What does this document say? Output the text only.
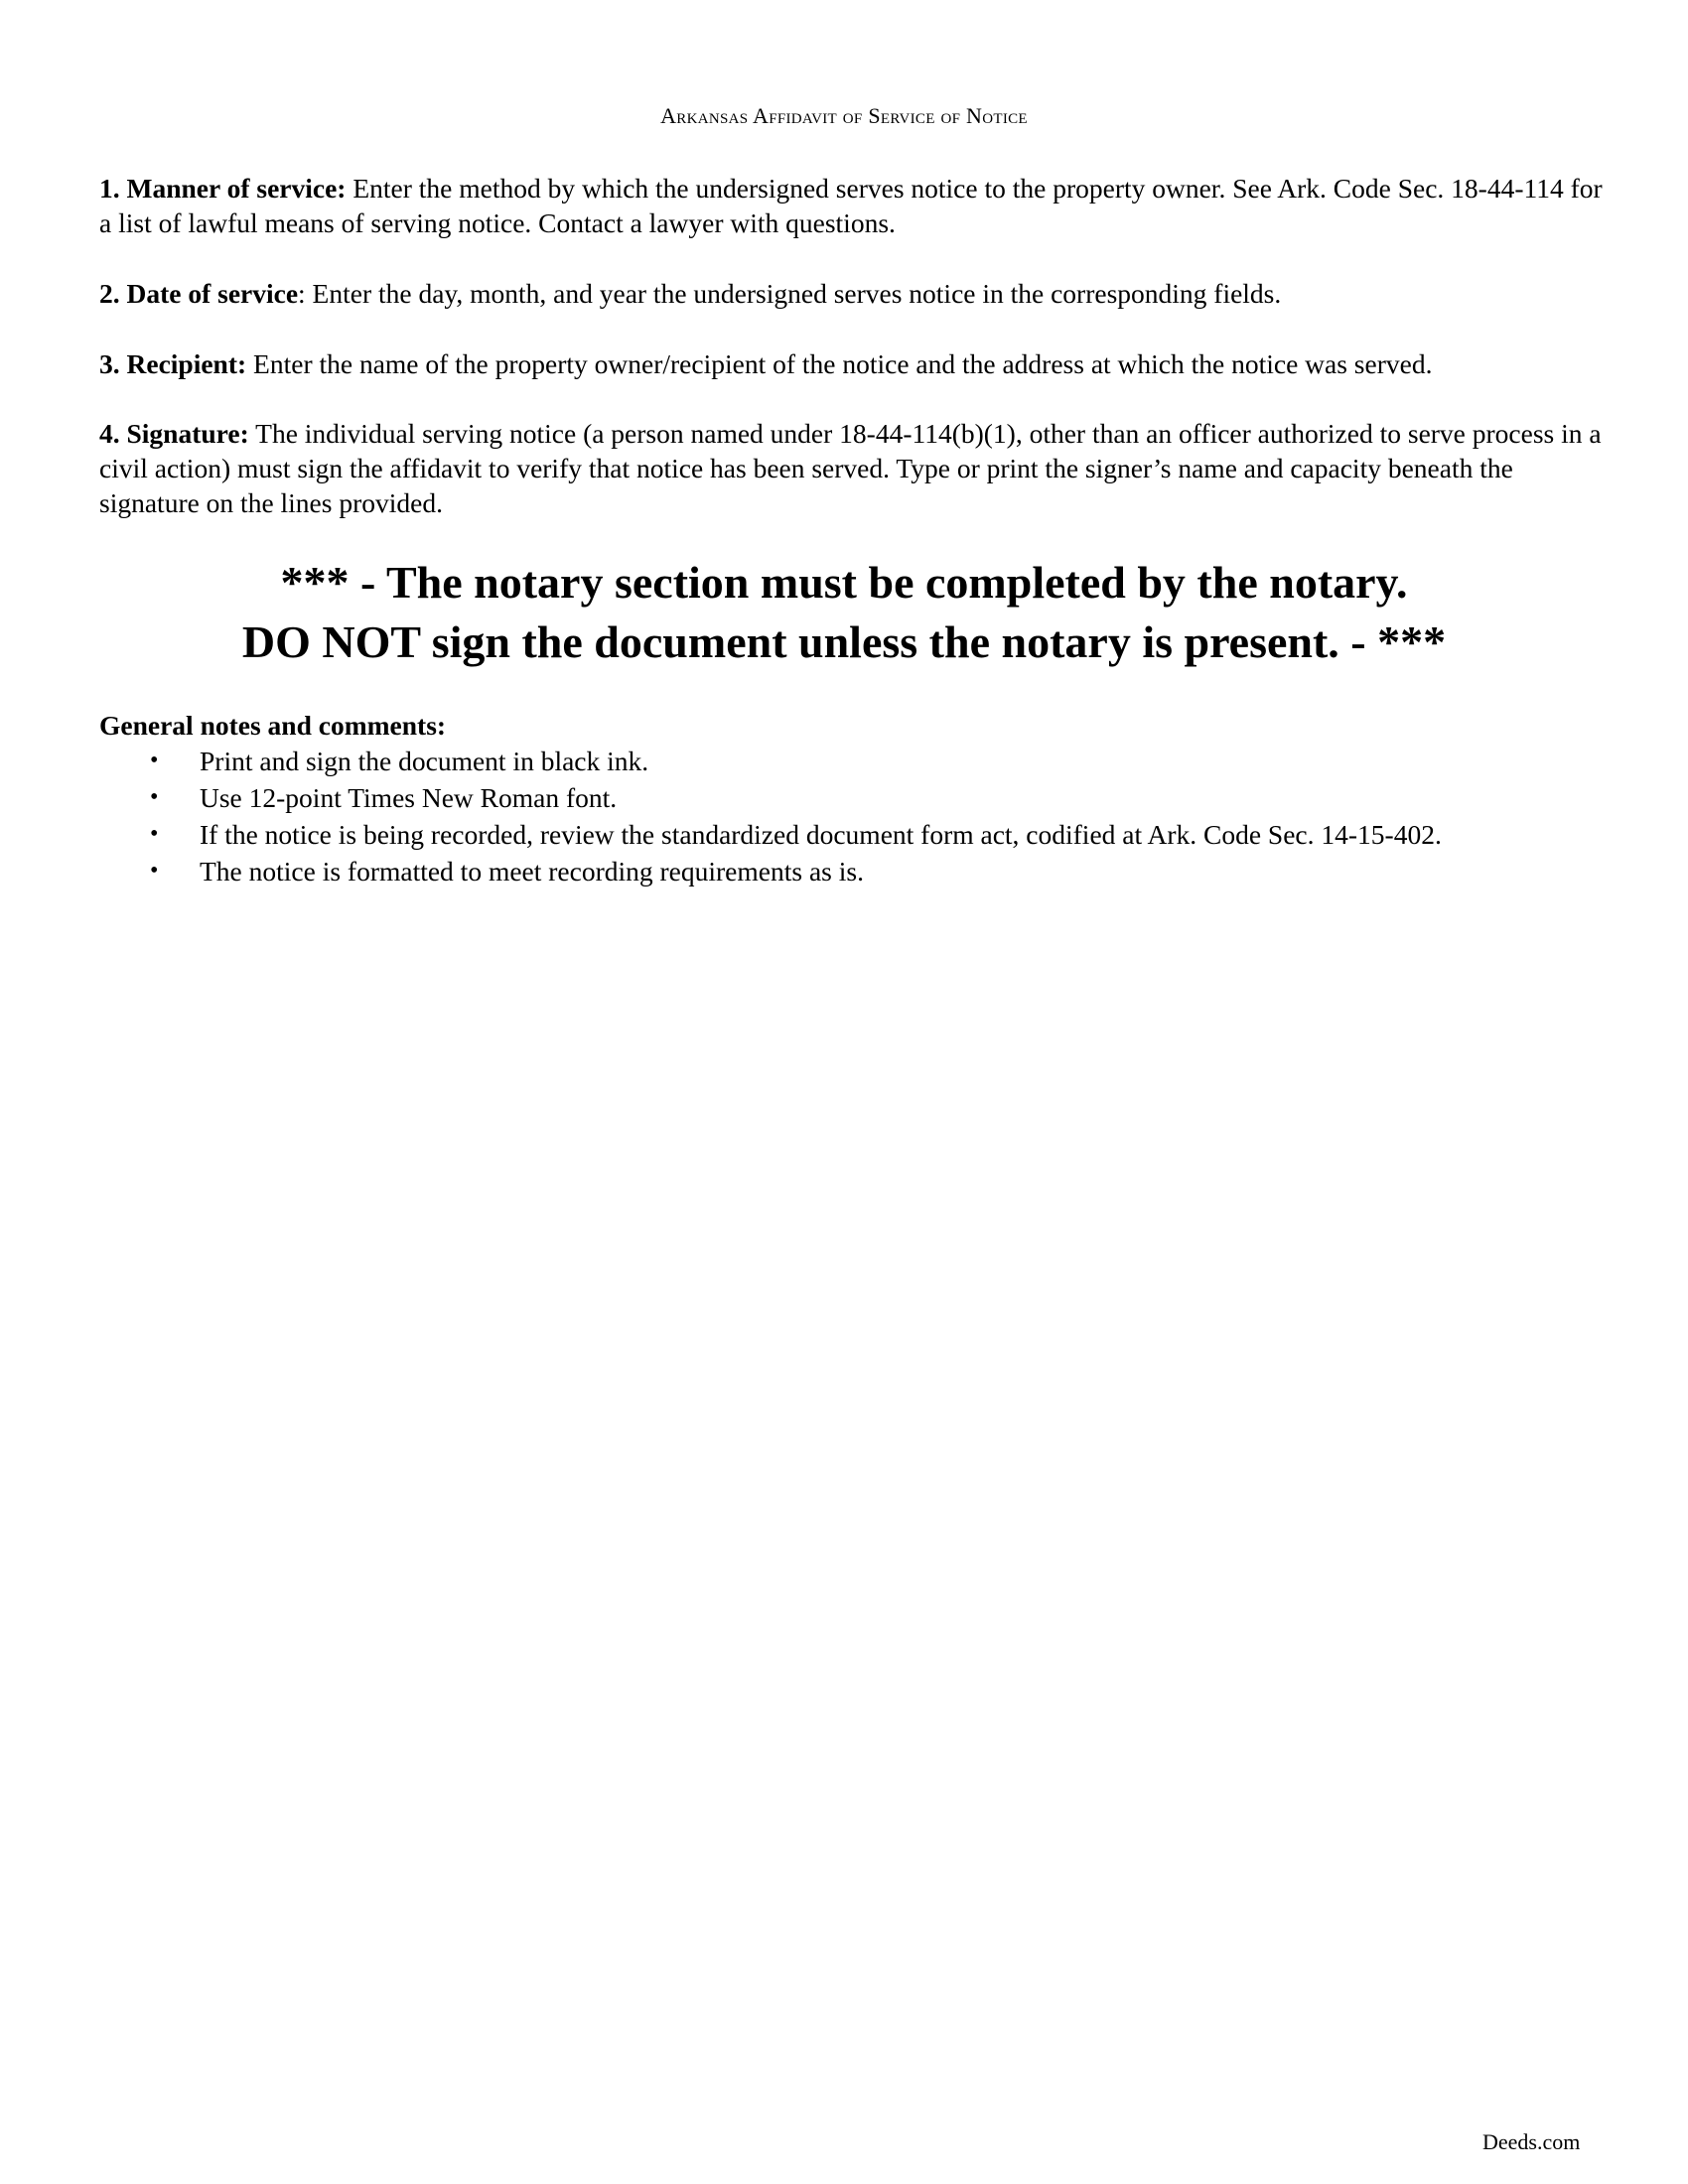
Arkansas Affidavit of Service of Notice
1. Manner of service: Enter the method by which the undersigned serves notice to the property owner. See Ark. Code Sec. 18-44-114 for a list of lawful means of serving notice. Contact a lawyer with questions.
2. Date of service: Enter the day, month, and year the undersigned serves notice in the corresponding fields.
3. Recipient: Enter the name of the property owner/recipient of the notice and the address at which the notice was served.
4. Signature: The individual serving notice (a person named under 18-44-114(b)(1), other than an officer authorized to serve process in a civil action) must sign the affidavit to verify that notice has been served. Type or print the signer’s name and capacity beneath the signature on the lines provided.
*** - The notary section must be completed by the notary.
DO NOT sign the document unless the notary is present. - ***
General notes and comments:
• Print and sign the document in black ink.
• Use 12-point Times New Roman font.
• If the notice is being recorded, review the standardized document form act, codified at Ark. Code Sec. 14-15-402.
• The notice is formatted to meet recording requirements as is.
Deeds.com
